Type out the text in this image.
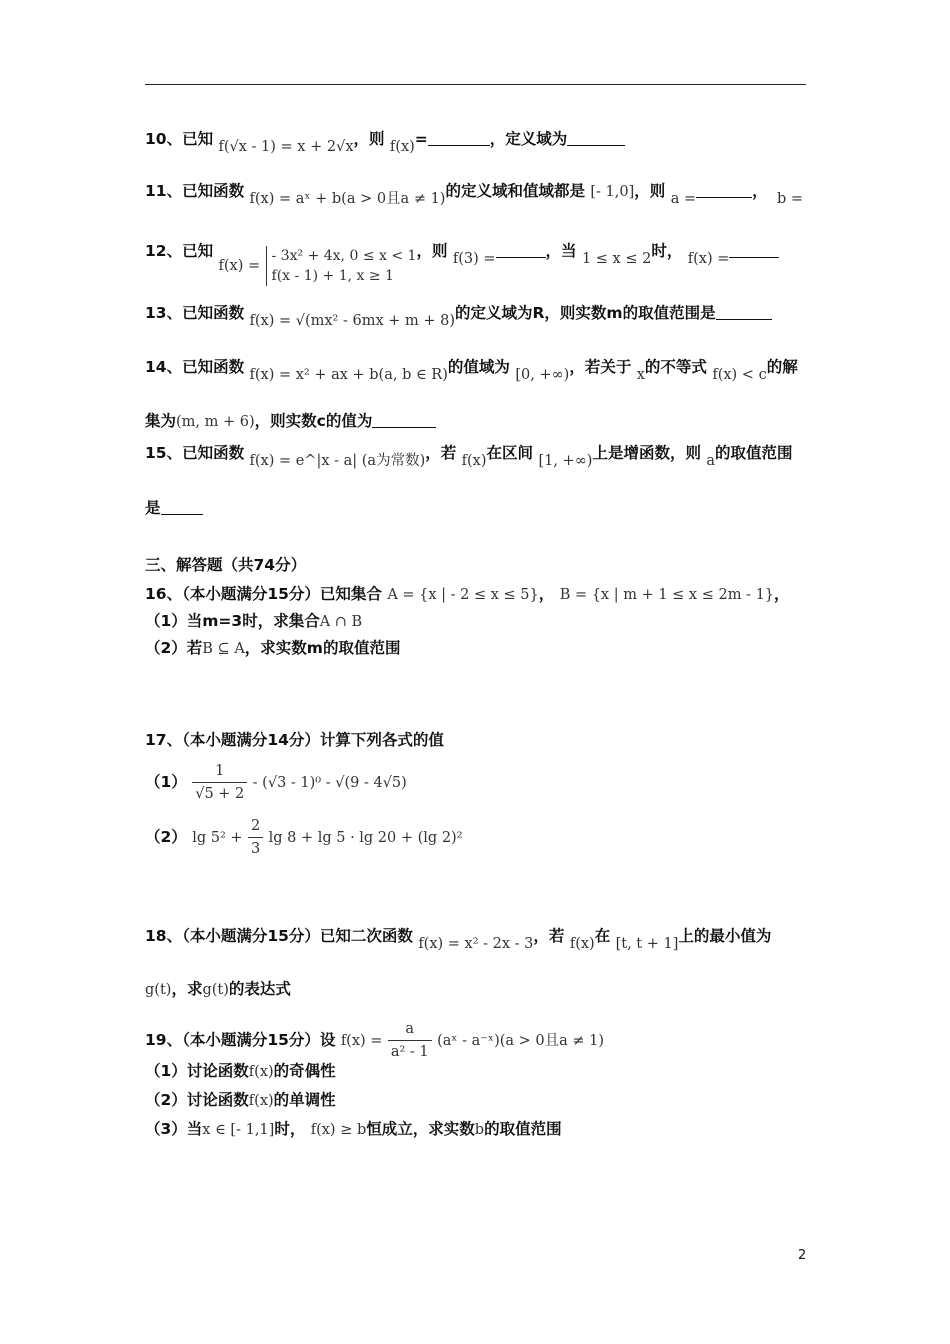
10、已知 f(√x - 1) = x + 2√x，则 f(x)=	，定义域为
11、已知函数 f(x) = aˣ + b(a > 0且a ≠ 1)的定义域和值域都是 [- 1,0]，则 a =	， b =
12、已知 f(x) =
- 3x² + 4x, 0 ≤ x < 1
f(x - 1) + 1, x ≥ 1
，则 f(3) =	，当 1 ≤ x ≤ 2时， f(x) =
13、已知函数 f(x) = √(mx² - 6mx + m + 8)的定义域为R，则实数m的取值范围是
14、已知函数 f(x) = x² + ax + b(a, b ∈ R)的值域为 [0, +∞)，若关于 x的不等式 f(x) < c的解
集为(m, m + 6)，则实数c的值为
15、已知函数 f(x) = e^|x - a| (a为常数)，若 f(x)在区间 [1, +∞)上是增函数，则 a的取值范围
是
三、解答题（共74分）
16、（本小题满分15分）已知集合 A = {x | - 2 ≤ x ≤ 5}， B = {x | m + 1 ≤ x ≤ 2m - 1}，
（1）当m=3时，求集合A ∩ B
（2）若B ⊆ A，求实数m的取值范围
17、（本小题满分14分）计算下列各式的值
$(1) \frac{1}{√5 + 2} - (√3 - 1)^0 - √(9 - 4√5)$
（2） $\lg 5^2 + \frac{2}{3}$ lg 8 + lg 5 · lg 20 + (lg 2)²
18、（本小题满分15分）已知二次函数 f(x) = x² - 2x - 3，若 f(x)在 [t, t + 1]上的最小值为
g(t)，求g(t)的表达式
19、（本小题满分15分）设 $f(x) = \frac{a}{\text{a² - 1}}$ (aˣ - a⁻ˣ)(a > 0且a ≠ 1)
（1）讨论函数f(x)的奇偶性
（2）讨论函数f(x)的单调性
（3）当x ∈ [- 1,1]时， f(x) ≥ b恒成立，求实数b的取值范围
2
